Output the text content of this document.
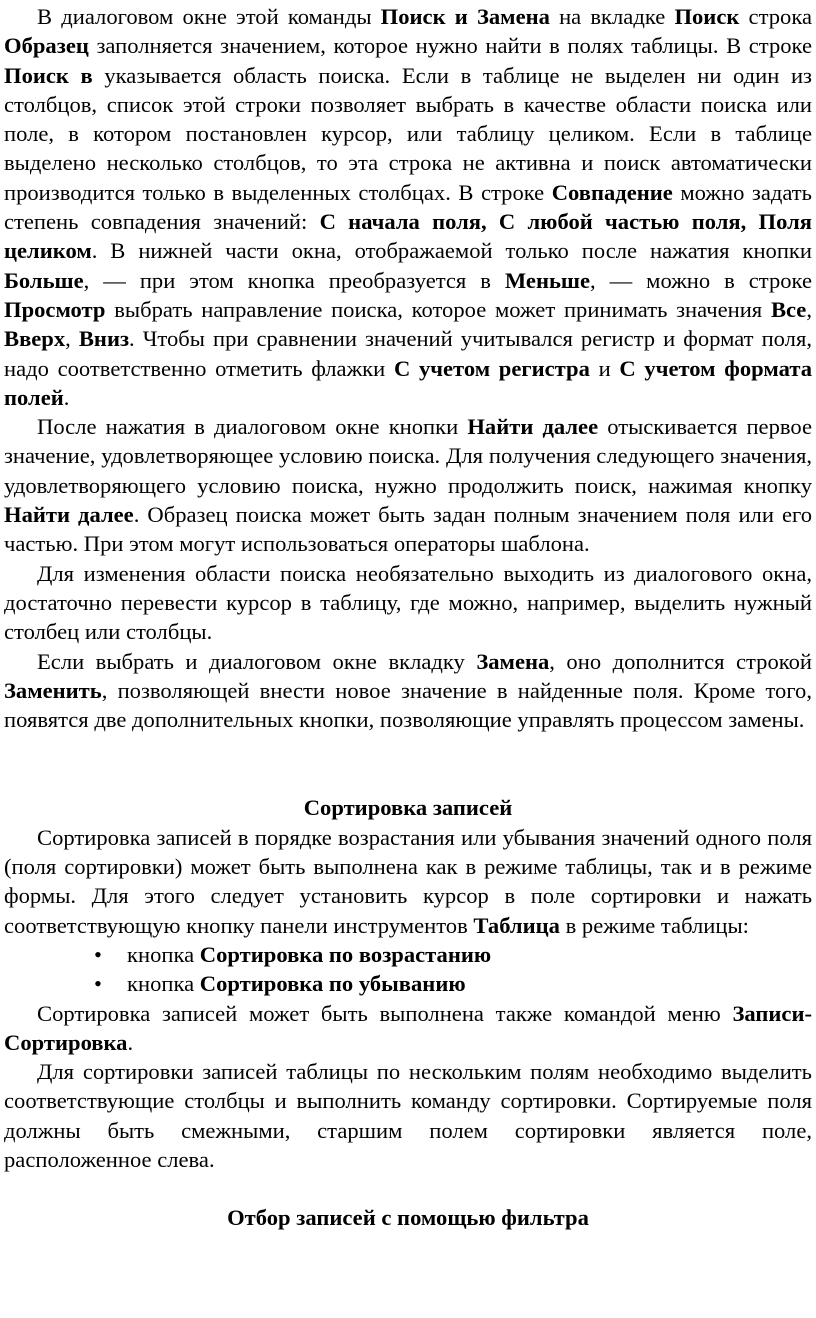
В диалоговом окне этой команды Поиск и Замена на вкладке Поиск строка Образец заполняется значением, которое нужно найти в полях таблицы. В строке Поиск в указывается область поиска. Если в таблице не выделен ни один из столбцов, список этой строки позволяет выбрать в качестве области поиска или поле, в котором постановлен курсор, или таблицу целиком. Если в таблице выделено несколько столбцов, то эта строка не активна и поиск автоматически производится только в выделенных столбцах. В строке Совпадение можно задать степень совпадения значений: С начала поля, С любой частью поля, Поля целиком. В нижней части окна, отображаемой только после нажатия кнопки Больше, — при этом кнопка преобразуется в Меньше, — можно в строке Просмотр выбрать направление поиска, которое может принимать значения Все, Вверх, Вниз. Чтобы при сравнении значений учитывался регистр и формат поля, надо соответственно отметить флажки С учетом регистра и С учетом формата полей.

После нажатия в диалоговом окне кнопки Найти далее отыскивается первое значение, удовлетворяющее условию поиска. Для получения следующего значения, удовлетворяющего условию поиска, нужно продолжить поиск, нажимая кнопку Найти далее. Образец поиска может быть задан полным значением поля или его частью. При этом могут использоваться операторы шаблона.

Для изменения области поиска необязательно выходить из диалогового окна, достаточно перевести курсор в таблицу, где можно, например, выделить нужный столбец или столбцы.

Если выбрать и диалоговом окне вкладку Замена, оно дополнится строкой Заменить, позволяющей внести новое значение в найденные поля. Кроме того, появятся две дополнительных кнопки, позволяющие управлять процессом замены.

Сортировка записей

Сортировка записей в порядке возрастания или убывания значений одного поля (поля сортировки) может быть выполнена как в режиме таблицы, так и в режиме формы. Для этого следует установить курсор в поле сортировки и нажать соответствующую кнопку панели инструментов Таблица в режиме таблицы:

• кнопка Сортировка по возрастанию
• кнопка Сортировка по убыванию

Сортировка записей может быть выполнена также командой меню Записи- Сортировка.

Для сортировки записей таблицы по нескольким полям необходимо выделить соответствующие столбцы и выполнить команду сортировки. Сортируемые поля должны быть смежными, старшим полем сортировки является поле, расположенное слева.

Отбор записей с помощью фильтра
